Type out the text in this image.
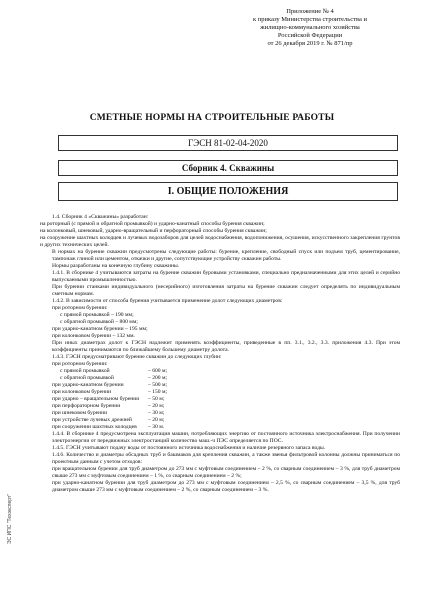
Приложение № 4
к приказу Министерства строительства и
жилищно-коммунального хозяйства
Российской Федерации
от 26 декабря 2019 г. № 871/пр
СМЕТНЫЕ НОРМЫ НА СТРОИТЕЛЬНЫЕ РАБОТЫ
ГЭСН 81-02-04-2020
Сборник 4. Скважины
I. ОБЩИЕ ПОЛОЖЕНИЯ
1.4. Сборник 4 «Скважины» разработан:
на роторный (с прямой и обратной промывкой) и ударно-канатный способы бурения скважин;
на колонковый, шнековый, ударно-вращательный и перфораторный способы бурения скважин;
на сооружение шахтных колодцев и лучевых водозаборов для целей водоснабжения, водопонижения, осушения, искусственного закрепления грунтов и других технических целей.
В нормах на бурение скважин предусмотрены следующие работы: бурение, крепление, свободный спуск или подъем труб, цементирование, тампонаж глиной или цементом, откачки и другие, сопутствующие устройству скважин работы.
Нормы разработаны на конечную глубину скважины.
1.4.1. В сборнике 4 учитываются затраты на бурение скважин буровыми установками, специально предназначенными для этих целей и серийно выпускаемыми промышленностью.
При бурении станками индивидуального (несерийного) изготовления затраты на бурение скважин следует определять по индивидуальным сметным нормам.
1.4.2. В зависимости от способа бурения учитывается применение долот следующих диаметров:
при роторном бурении:
с прямой промывкой – 190 мм;
с обратной промывкой – 800 мм;
при ударно-канатном бурении – 195 мм;
при колонковом бурении – 132 мм.
При иных диаметрах долот к ГЭСН надлежит применять коэффициенты, приведенные в пп. 3.1., 3.2., 3.3. приложения 4.3. При этом коэффициенты принимаются по ближайшему большему диаметру долота.
1.4.3. ГЭСН предусматривают бурение скважин до следующих глубин:
при роторном бурении:
с прямой промывкой	– 600 м;
с обратной промывкой	– 200 м;
при ударно-канатном бурении	– 500 м;
при колонковом бурении	– 150 м;
при ударно – вращательном бурении	– 50 м;
при перфораторном бурении	– 20 м;
при шнековом бурении	– 30 м;
при устройстве лучевых дрежней	– 20 м;
при сооружении шахтных колодцев	– 30 м.
1.4.4. В сборнике 4 предусмотрена эксплуатация машин, потребляющих энергию от постоянного источника электроснабжения. При получении электроэнергии от передвижных электростанций количество маш.-ч ПЭС определяется по ПОС.
1.4.5. ГЭСН учитывают подачу воды от постоянного источника водоснабжения и наличие резервного запаса воды.
1.4.6. Количество и диаметры обсадных труб и башмаков для крепления скважин, а также звенья фильтровой колонны должны приниматься по проектным данным с учетом отходов:
при вращательном бурении для труб диаметром до 273 мм с муфтовым соединением – 2 %, со сварным соединением – 3 %, для труб диаметром свыше 273 мм с муфтовым соединением – 1 %, со сварным соединением – 2 %;
при ударно-канатном бурении для труб диаметром до 273 мм с муфтовым соединением – 2,5 %, со сварным соединением – 3,5 %, для труб диаметром свыше 273 мм с муфтовым соединением – 2 %, со сварным соединением – 3 %.
ЭС ИПС "Техэксперт"
